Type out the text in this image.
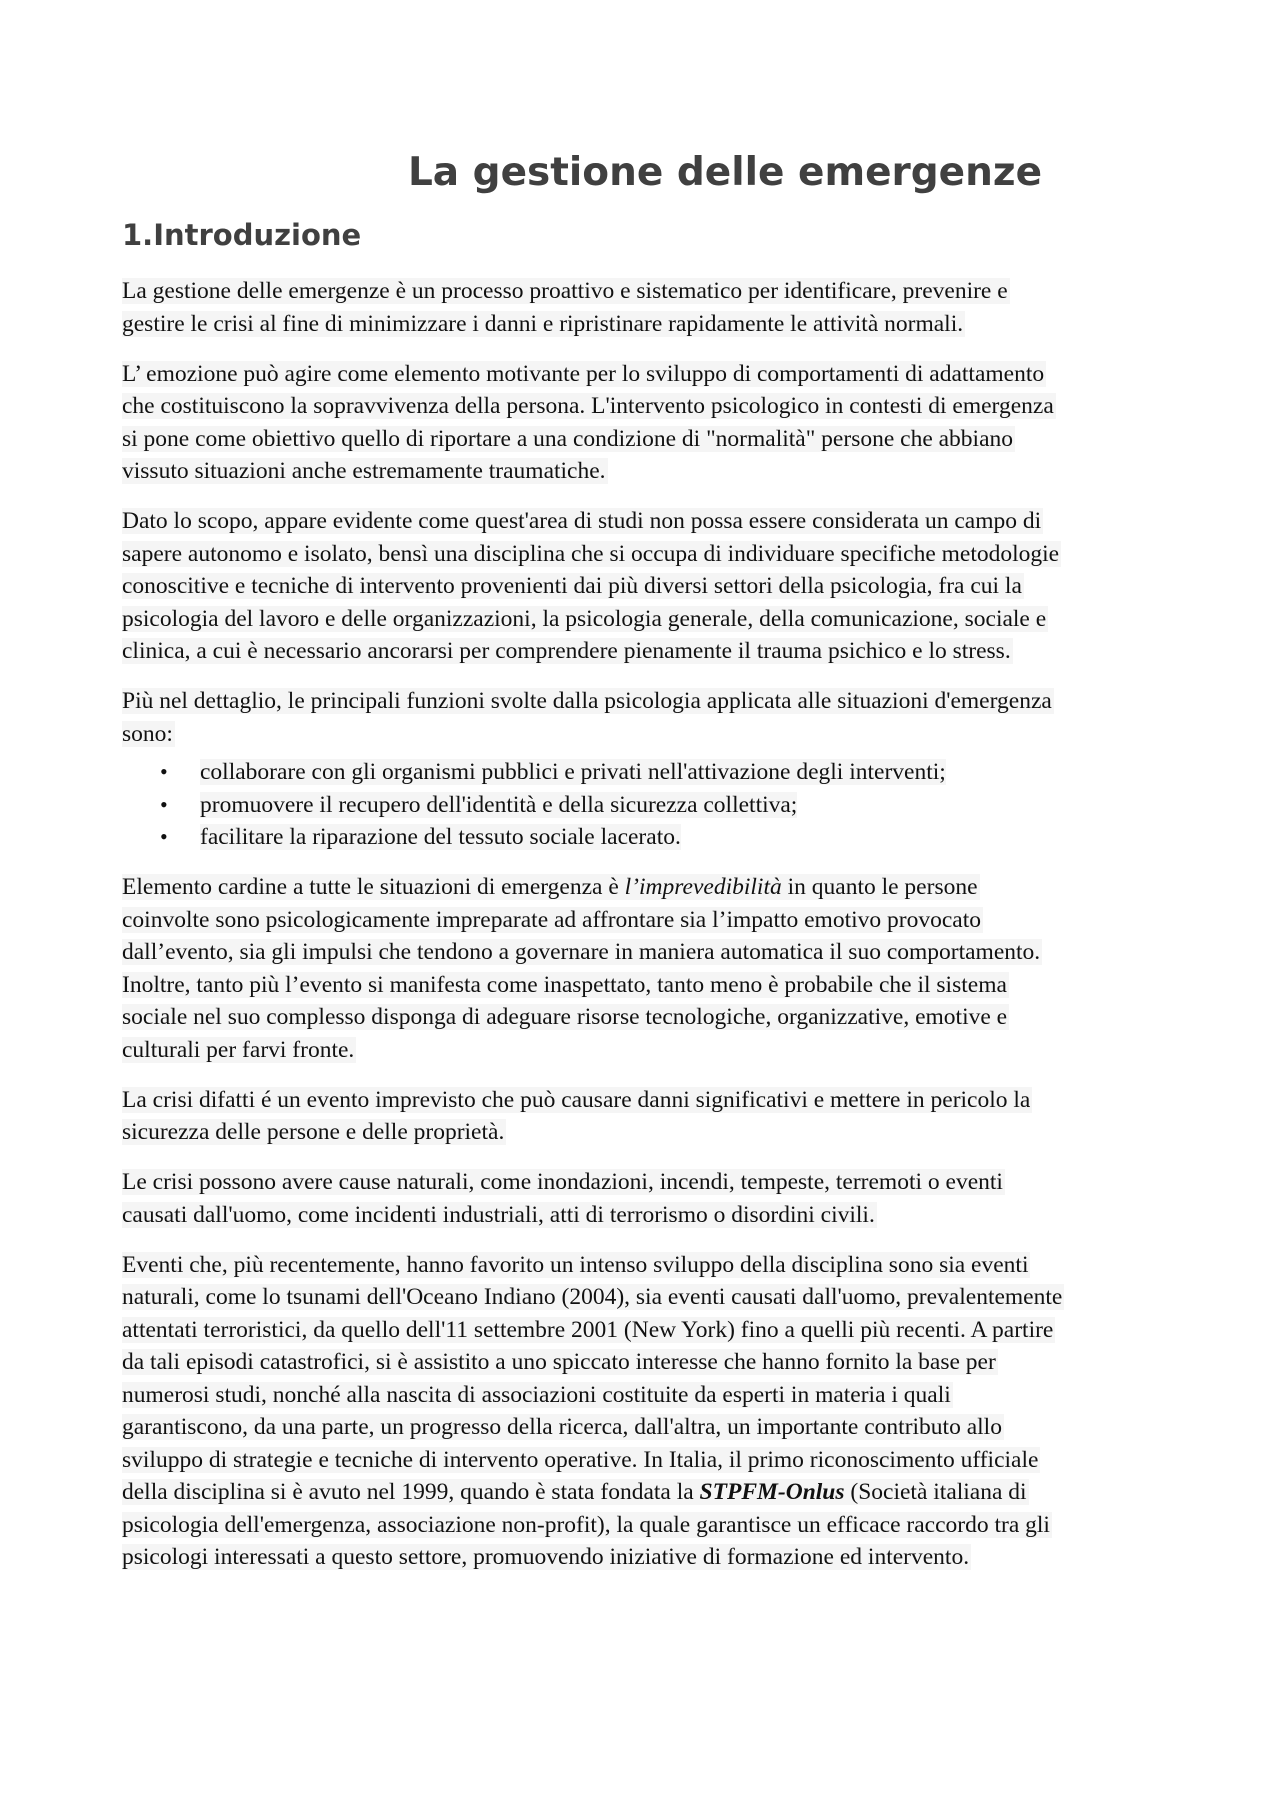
La gestione delle emergenze
1.Introduzione
La gestione delle emergenze è un processo proattivo e sistematico per identificare, prevenire e
gestire le crisi al fine di minimizzare i danni e ripristinare rapidamente le attività normali.
L’ emozione può agire come elemento motivante per lo sviluppo di comportamenti di adattamento
che costituiscono la sopravvivenza della persona. L'intervento psicologico in contesti di emergenza
si pone come obiettivo quello di riportare a una condizione di "normalità" persone che abbiano
vissuto situazioni anche estremamente traumatiche.
Dato lo scopo, appare evidente come quest'area di studi non possa essere considerata un campo di
sapere autonomo e isolato, bensì una disciplina che si occupa di individuare specifiche metodologie
conoscitive e tecniche di intervento provenienti dai più diversi settori della psicologia, fra cui la
psicologia del lavoro e delle organizzazioni, la psicologia generale, della comunicazione, sociale e
clinica, a cui è necessario ancorarsi per comprendere pienamente il trauma psichico e lo stress.
Più nel dettaglio, le principali funzioni svolte dalla psicologia applicata alle situazioni d'emergenza
sono:
• collaborare con gli organismi pubblici e privati nell'attivazione degli interventi;
• promuovere il recupero dell'identità e della sicurezza collettiva;
• facilitare la riparazione del tessuto sociale lacerato.
Elemento cardine a tutte le situazioni di emergenza è l’imprevedibilità in quanto le persone
coinvolte sono psicologicamente impreparate ad affrontare sia l’impatto emotivo provocato
dall’evento, sia gli impulsi che tendono a governare in maniera automatica il suo comportamento.
Inoltre, tanto più l’evento si manifesta come inaspettato, tanto meno è probabile che il sistema
sociale nel suo complesso disponga di adeguare risorse tecnologiche, organizzative, emotive e
culturali per farvi fronte.
La crisi difatti é un evento imprevisto che può causare danni significativi e mettere in pericolo la
sicurezza delle persone e delle proprietà.
Le crisi possono avere cause naturali, come inondazioni, incendi, tempeste, terremoti o eventi
causati dall'uomo, come incidenti industriali, atti di terrorismo o disordini civili.
Eventi che, più recentemente, hanno favorito un intenso sviluppo della disciplina sono sia eventi
naturali, come lo tsunami dell'Oceano Indiano (2004), sia eventi causati dall'uomo, prevalentemente
attentati terroristici, da quello dell'11 settembre 2001 (New York) fino a quelli più recenti. A partire
da tali episodi catastrofici, si è assistito a uno spiccato interesse che hanno fornito la base per
numerosi studi, nonché alla nascita di associazioni costituite da esperti in materia i quali
garantiscono, da una parte, un progresso della ricerca, dall'altra, un importante contributo allo
sviluppo di strategie e tecniche di intervento operative. In Italia, il primo riconoscimento ufficiale
della disciplina si è avuto nel 1999, quando è stata fondata la STPFM-Onlus (Società italiana di
psicologia dell'emergenza, associazione non-profit), la quale garantisce un efficace raccordo tra gli
psicologi interessati a questo settore, promuovendo iniziative di formazione ed intervento.
